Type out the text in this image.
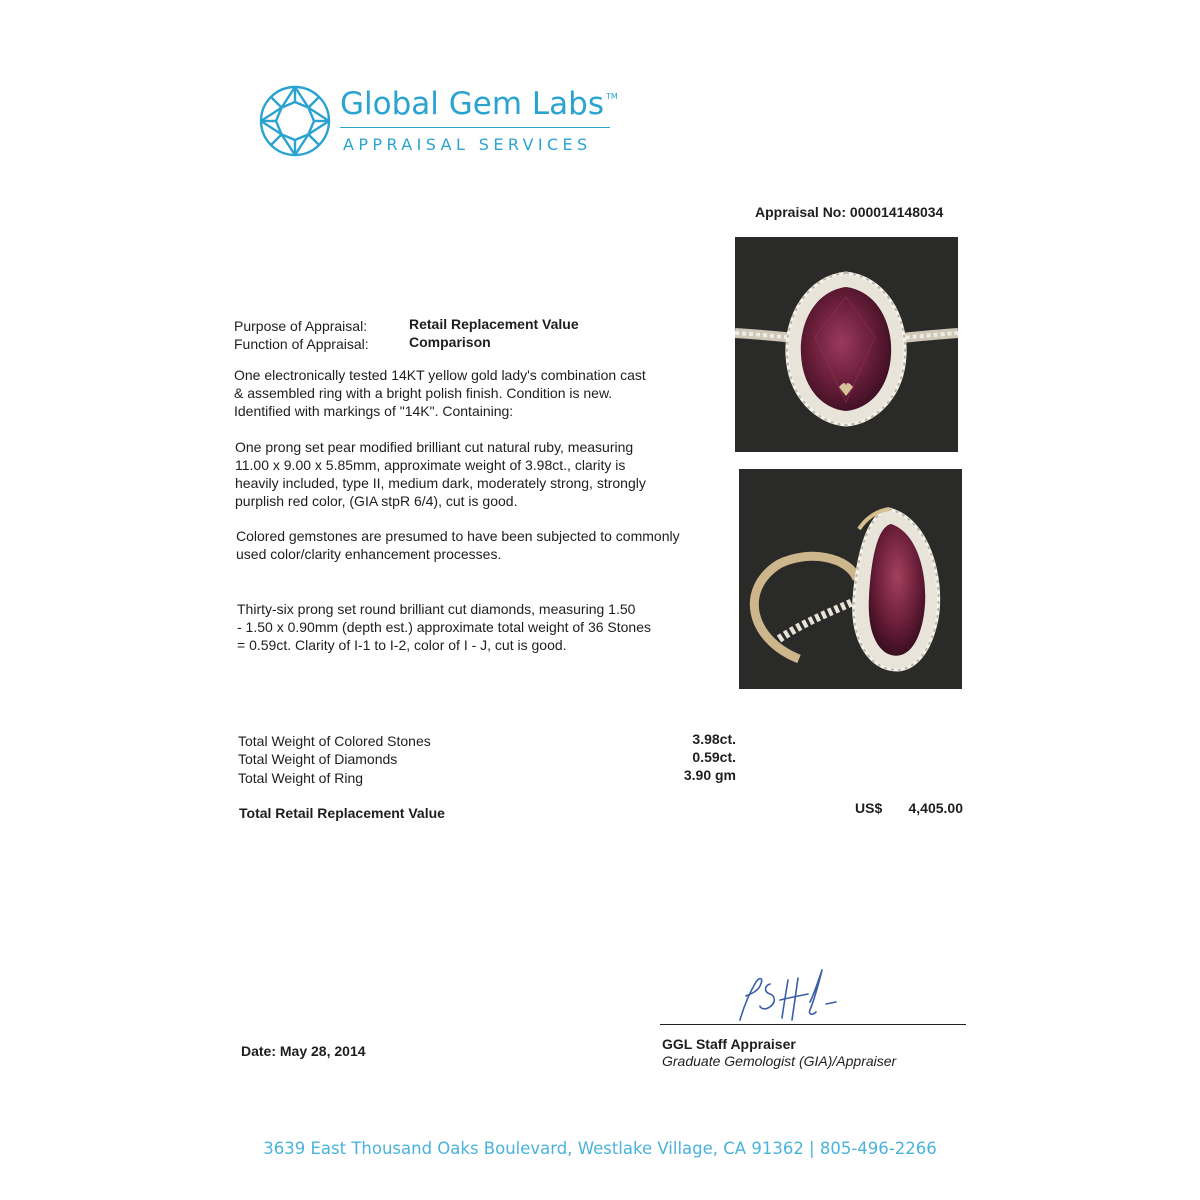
Global Gem Labs ™
APPRAISAL SERVICES
Appraisal No: 000014148034
Purpose of Appraisal:	Retail Replacement Value
Function of Appraisal:	Comparison
One electronically tested 14KT yellow gold lady's combination cast
& assembled ring with a bright polish finish. Condition is new.
Identified with markings of "14K". Containing:
One prong set pear modified brilliant cut natural ruby, measuring
11.00 x 9.00 x 5.85mm, approximate weight of 3.98ct., clarity is
heavily included, type II, medium dark, moderately strong, strongly
purplish red color, (GIA stpR 6/4), cut is good.
Colored gemstones are presumed to have been subjected to commonly
used color/clarity enhancement processes.
Thirty-six prong set round brilliant cut diamonds, measuring 1.50
- 1.50 x 0.90mm (depth est.) approximate total weight of 36 Stones
= 0.59ct. Clarity of I-1 to I-2, color of I - J, cut is good.
Total Weight of Colored Stones	3.98ct.
Total Weight of Diamonds	0.59ct.
Total Weight of Ring	3.90 gm
Total Retail Replacement Value	US$	4,405.00
GGL Staff Appraiser
Graduate Gemologist (GIA)/Appraiser
Date: May 28, 2014
3639 East Thousand Oaks Boulevard, Westlake Village, CA 91362 | 805-496-2266
